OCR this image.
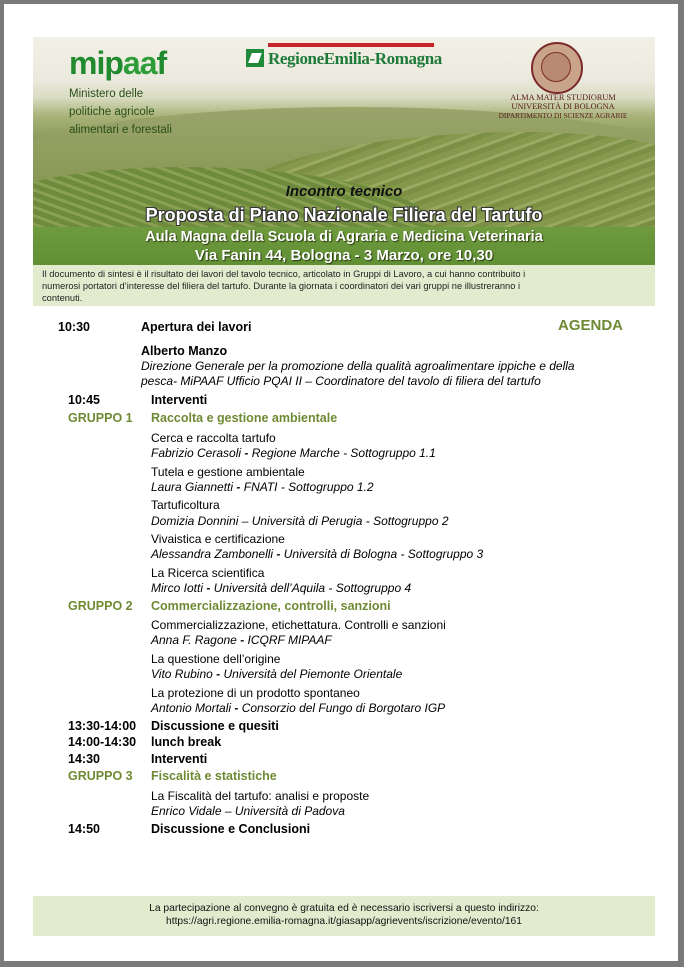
mipaaf
Ministero delle
politiche agricole
alimentari e forestali
RegioneEmilia-Romagna
ALMA MATER STUDIORUM
UNIVERSITÀ DI BOLOGNA
DIPARTIMENTO DI SCIENZE AGRARIE
Incontro tecnico
Proposta di Piano Nazionale Filiera del Tartufo
Aula Magna della Scuola di Agraria e Medicina Veterinaria
Via Fanin 44, Bologna - 3 Marzo, ore 10,30
Il documento di sintesi è il risultato dei lavori del tavolo tecnico, articolato in Gruppi di Lavoro, a cui hanno contribuito i
numerosi portatori d’interesse del filiera del tartufo. Durante la giornata i coordinatori dei vari gruppi ne illustreranno i
contenuti.
AGENDA
10:30	Apertura dei lavori
Alberto Manzo
Direzione Generale per la promozione della qualità agroalimentare ippiche e della
pesca- MiPAAF Ufficio PQAI II – Coordinatore del tavolo di filiera del tartufo
10:45	Interventi
GRUPPO 1 Raccolta e gestione ambientale
Cerca e raccolta tartufo
Fabrizio Cerasoli - Regione Marche - Sottogruppo 1.1
Tutela e gestione ambientale
Laura Giannetti - FNATI - Sottogruppo 1.2
Tartuficoltura
Domizia Donnini – Università di Perugia - Sottogruppo 2
Vivaistica e certificazione
Alessandra Zambonelli - Università di Bologna - Sottogruppo 3
La Ricerca scientifica
Mirco Iotti - Università dell’Aquila - Sottogruppo 4
GRUPPO 2 Commercializzazione, controlli, sanzioni
Commercializzazione, etichettatura. Controlli e sanzioni
Anna F. Ragone - ICQRF MIPAAF
La questione dell’origine
Vito Rubino - Università del Piemonte Orientale
La protezione di un prodotto spontaneo
Antonio Mortali - Consorzio del Fungo di Borgotaro IGP
13:30-14:00 Discussione e quesiti
14:00-14:30 lunch break
14:30	Interventi
GRUPPO 3 Fiscalità e statistiche
La Fiscalità del tartufo: analisi e proposte
Enrico Vidale – Università di Padova
14:50	Discussione e Conclusioni
La partecipazione al convegno è gratuita ed è necessario iscriversi a questo indirizzo:
https://agri.regione.emilia-romagna.it/giasapp/agrievents/iscrizione/evento/161
